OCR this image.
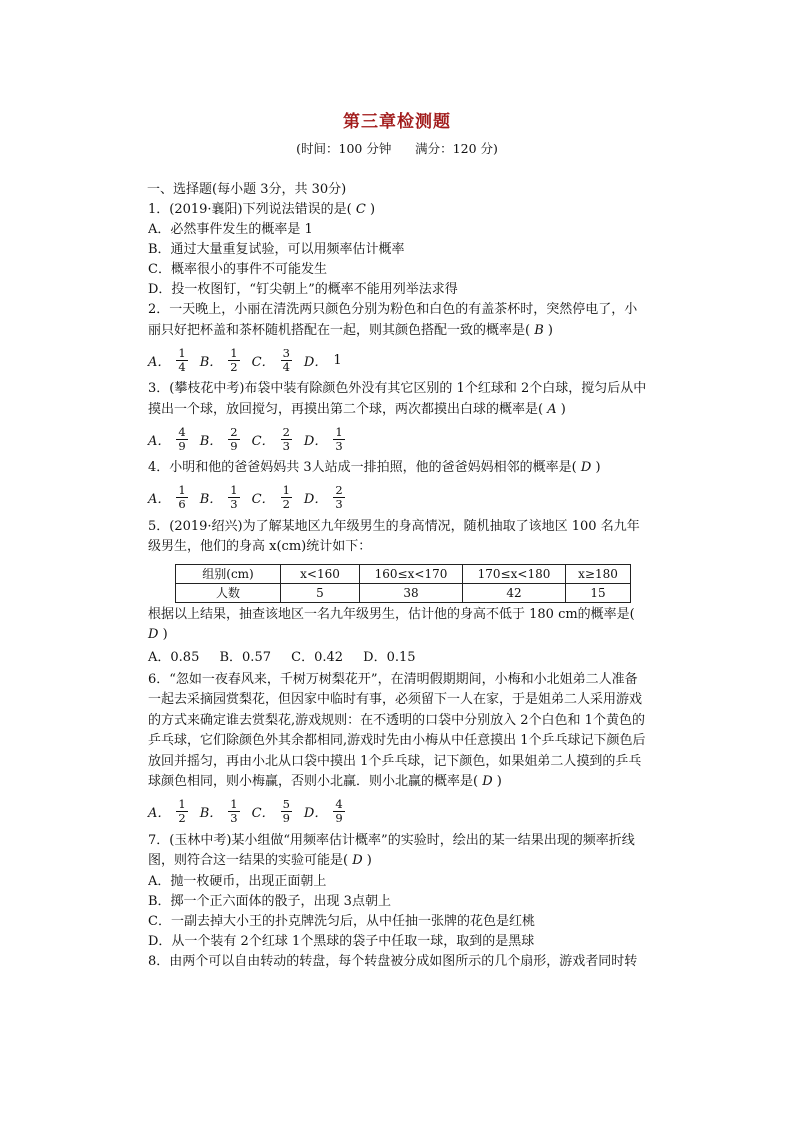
第三章检测题
(时间：100 分钟      满分：120 分)
一、选择题(每小题 3分，共 30分)
1．(2019·襄阳)下列说法错误的是( C )
A．必然事件发生的概率是 1
B．通过大量重复试验，可以用频率估计概率
C．概率很小的事件不可能发生
D．投一枚图钉，“钉尖朝上”的概率不能用列举法求得
2．一天晚上，小丽在清洗两只颜色分别为粉色和白色的有盖茶杯时，突然停电了，小丽只好把杯盖和茶杯随机搭配在一起，则其颜色搭配一致的概率是( B )
A． $\frac{1}{4}$ B． $\frac{1}{2}$ C． $\frac{3}{4}$ D． 1
3．(攀枝花中考)布袋中装有除颜色外没有其它区别的 1个红球和 2个白球，搅匀后从中摸出一个球，放回搅匀，再摸出第二个球，两次都摸出白球的概率是( A )
A． $\frac{4}{9}$ B． $\frac{2}{9}$ C． $\frac{2}{3}$ D． $\frac{1}{3}$
4．小明和他的爸爸妈妈共 3人站成一排拍照，他的爸爸妈妈相邻的概率是( D )
A． $\frac{1}{6}$ B． $\frac{1}{3}$ C． $\frac{1}{2}$ D． $\frac{2}{3}$
5．(2019·绍兴)为了解某地区九年级男生的身高情况，随机抽取了该地区 100 名九年级男生，他们的身高 x(cm)统计如下：
组别(cm)	x<160	160≤x<170	170≤x<180	x≥180
人数	5	38	42	15
根据以上结果，抽查该地区一名九年级男生，估计他的身高不低于 180 cm的概率是( D )
A．0.85 B．0.57 C．0.42 D．0.15
6．“忽如一夜春风来，千树万树梨花开”，在清明假期期间，小梅和小北姐弟二人准备一起去采摘园赏梨花，但因家中临时有事，必须留下一人在家，于是姐弟二人采用游戏的方式来确定谁去赏梨花,游戏规则：在不透明的口袋中分别放入 2个白色和 1个黄色的乒乓球，它们除颜色外其余都相同,游戏时先由小梅从中任意摸出 1个乒乓球记下颜色后放回并摇匀，再由小北从口袋中摸出 1个乒乓球，记下颜色，如果姐弟二人摸到的乒乓球颜色相同，则小梅赢，否则小北赢．则小北赢的概率是( D )
A． $\frac{1}{2}$ B． $\frac{1}{3}$ C． $\frac{5}{9}$ D． $\frac{4}{9}$
7．(玉林中考)某小组做“用频率估计概率”的实验时，绘出的某一结果出现的频率折线图，则符合这一结果的实验可能是( D )
A．抛一枚硬币，出现正面朝上
B．掷一个正六面体的骰子，出现 3点朝上
C．一副去掉大小王的扑克牌洗匀后，从中任抽一张牌的花色是红桃
D．从一个装有 2个红球 1个黑球的袋子中任取一球，取到的是黑球
8．由两个可以自由转动的转盘，每个转盘被分成如图所示的几个扇形，游戏者同时转
